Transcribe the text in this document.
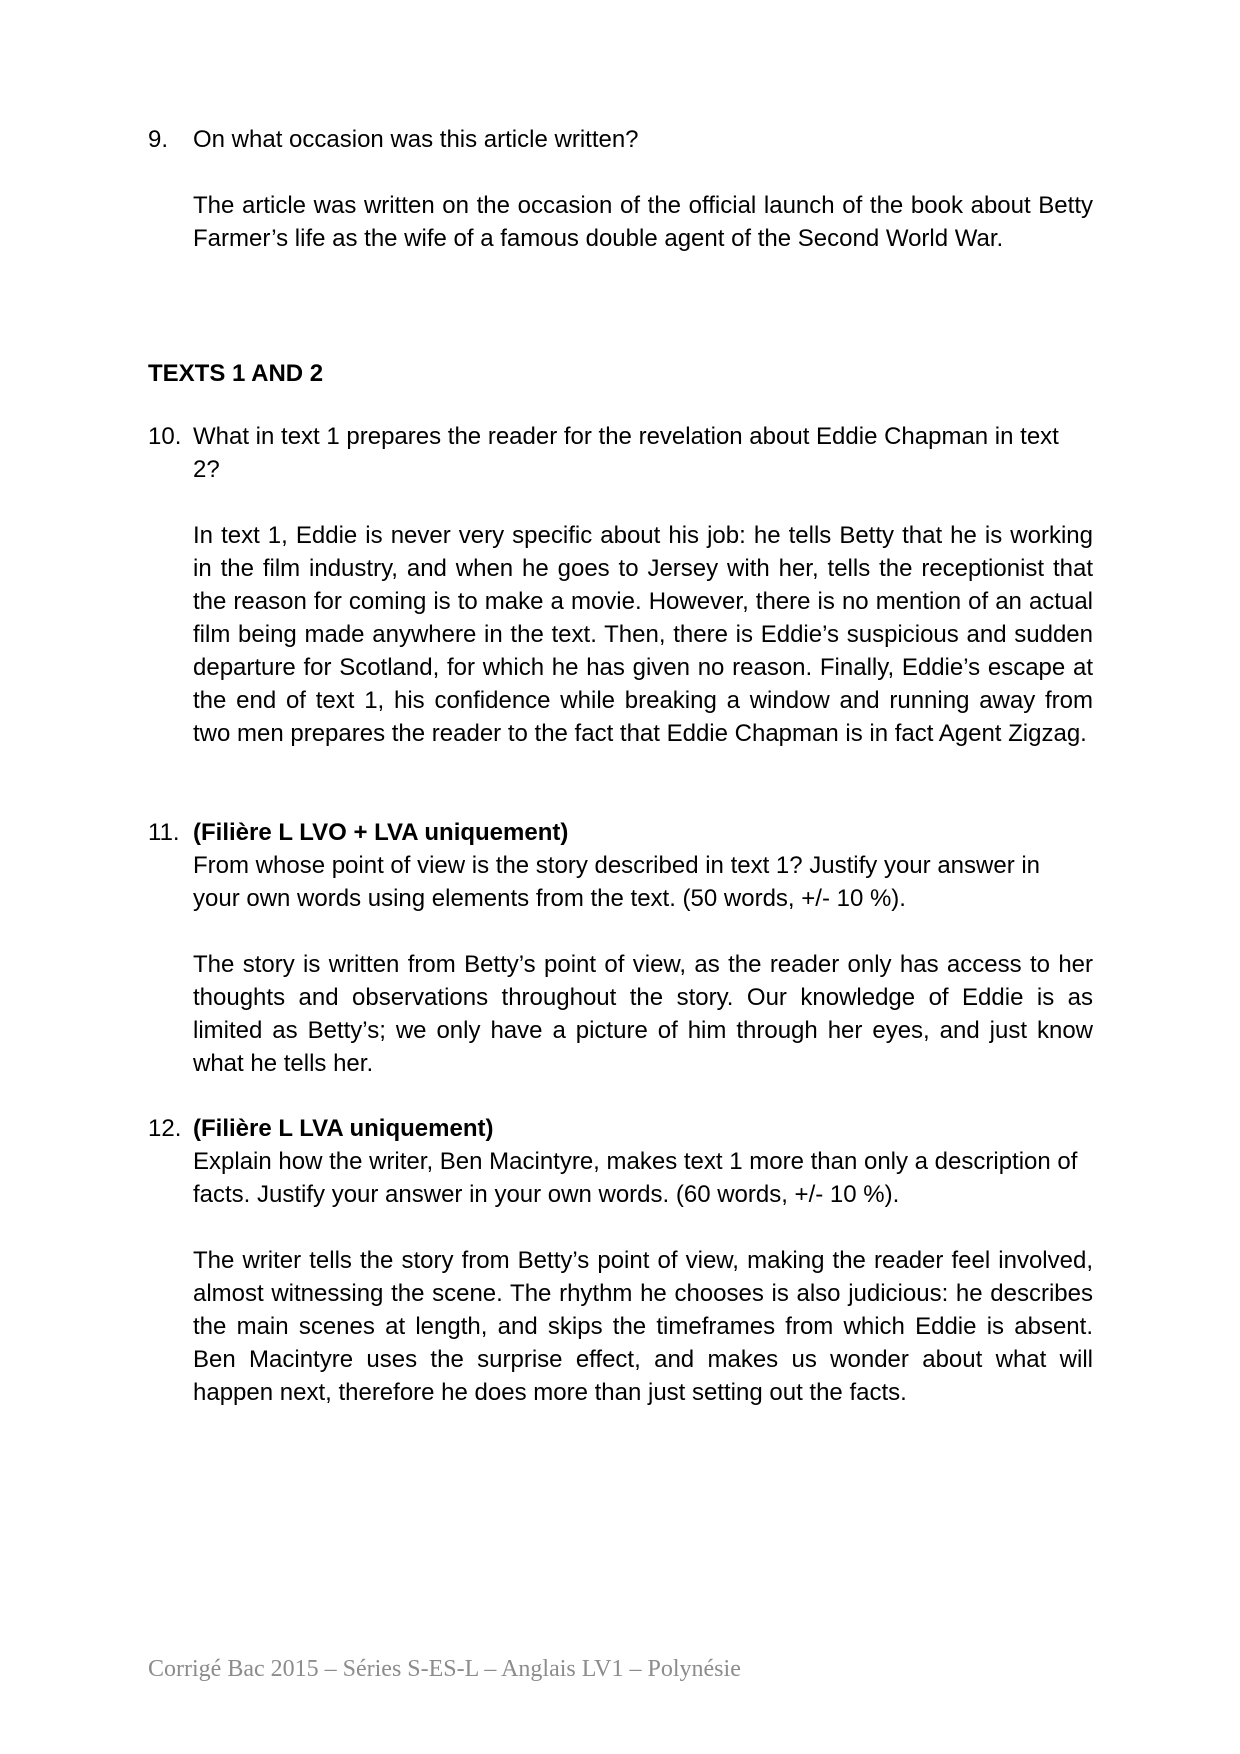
9.	On what occasion was this article written?
The article was written on the occasion of the official launch of the book about Betty Farmer’s life as the wife of a famous double agent of the Second World War.
TEXTS 1 AND 2
10. What in text 1 prepares the reader for the revelation about Eddie Chapman in text 2?
In text 1, Eddie is never very specific about his job: he tells Betty that he is working in the film industry, and when he goes to Jersey with her, tells the receptionist that the reason for coming is to make a movie. However, there is no mention of an actual film being made anywhere in the text. Then, there is Eddie’s suspicious and sudden departure for Scotland, for which he has given no reason. Finally, Eddie’s escape at the end of text 1, his confidence while breaking a window and running away from two men prepares the reader to the fact that Eddie Chapman is in fact Agent Zigzag.
11. (Filière L LVO + LVA uniquement)
From whose point of view is the story described in text 1? Justify your answer in your own words using elements from the text. (50 words, +/- 10 %).
The story is written from Betty’s point of view, as the reader only has access to her thoughts and observations throughout the story. Our knowledge of Eddie is as limited as Betty’s; we only have a picture of him through her eyes, and just know what he tells her.
12. (Filière L LVA uniquement)
Explain how the writer, Ben Macintyre, makes text 1 more than only a description of facts. Justify your answer in your own words. (60 words, +/- 10 %).
The writer tells the story from Betty’s point of view, making the reader feel involved, almost witnessing the scene. The rhythm he chooses is also judicious: he describes the main scenes at length, and skips the timeframes from which Eddie is absent. Ben Macintyre uses the surprise effect, and makes us wonder about what will happen next, therefore he does more than just setting out the facts.
Corrigé Bac 2015 – Séries S-ES-L – Anglais LV1 – Polynésie
